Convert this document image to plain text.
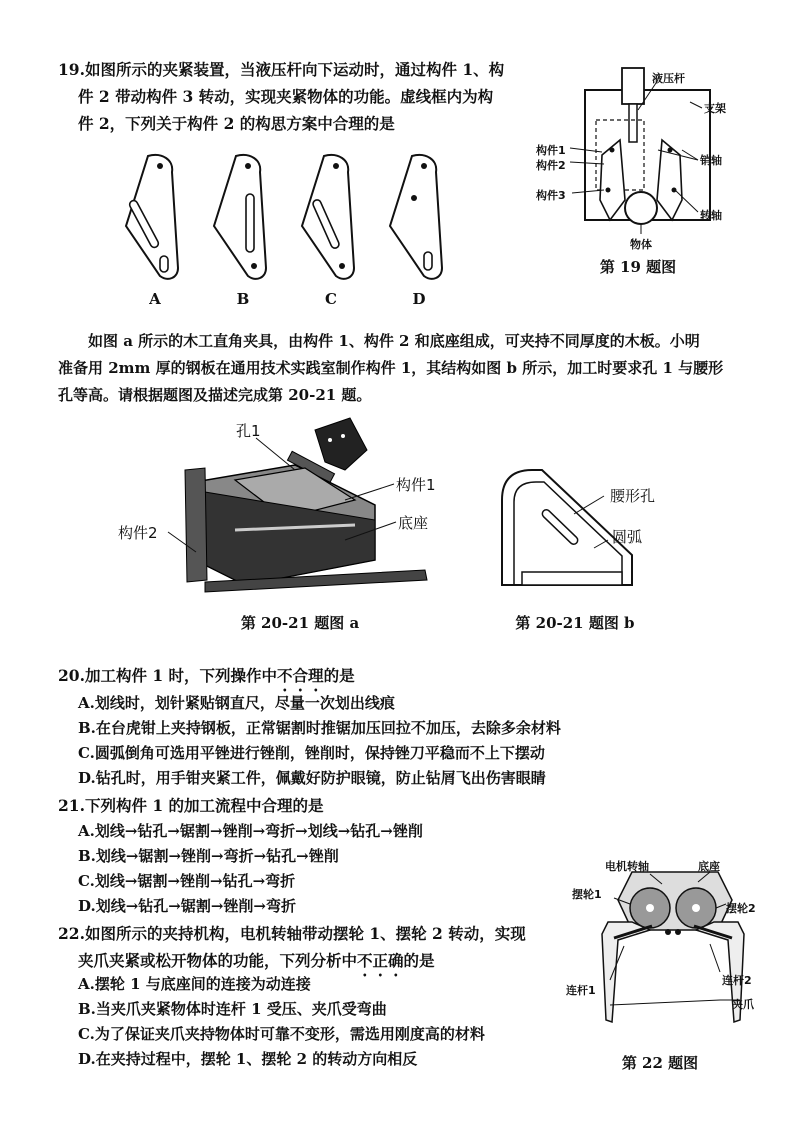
19.如图所示的夹紧装置，当液压杆向下运动时，通过构件 1、构
件 2 带动构件 3 转动，实现夹紧物体的功能。虚线框内为构
件 2，下列关于构件 2 的构思方案中合理的是
A	B	C	D
液压杆
支架
构件1
构件2	销轴
构件3
转轴
物体
第 19 题图
如图 a 所示的木工直角夹具，由构件 1、构件 2 和底座组成，可夹持不同厚度的木板。小明
准备用 2mm 厚的钢板在通用技术实践室制作构件 1，其结构如图 b 所示，加工时要求孔 1 与腰形
孔等高。请根据题图及描述完成第 20-21 题。
孔1
构件1
底座
构件2
第 20-21 题图 a
腰形孔
圆弧
第 20-21 题图 b
20.加工构件 1 时，下列操作中不合理的是
A.划线时，划针紧贴钢直尺，尽量一次划出线痕
B.在台虎钳上夹持钢板，正常锯割时推锯加压回拉不加压，去除多余材料
C.圆弧倒角可选用平锉进行锉削，锉削时，保持锉刀平稳而不上下摆动
D.钻孔时，用手钳夹紧工件，佩戴好防护眼镜，防止钻屑飞出伤害眼睛
21.下列构件 1 的加工流程中合理的是
A.划线→钻孔→锯割→锉削→弯折→划线→钻孔→锉削
B.划线→锯割→锉削→弯折→钻孔→锉削
C.划线→锯割→锉削→钻孔→弯折
D.划线→钻孔→锯割→锉削→弯折
22.如图所示的夹持机构，电机转轴带动摆轮 1、摆轮 2 转动，实现
夹爪夹紧或松开物体的功能，下列分析中不正确的是
A.摆轮 1 与底座间的连接为动连接
B.当夹爪夹紧物体时连杆 1 受压、夹爪受弯曲
C.为了保证夹爪夹持物体时可靠不变形，需选用刚度高的材料
D.在夹持过程中，摆轮 1、摆轮 2 的转动方向相反
电机转轴	底座
摆轮1
摆轮2
连杆1
连杆2
夹爪
第 22 题图
